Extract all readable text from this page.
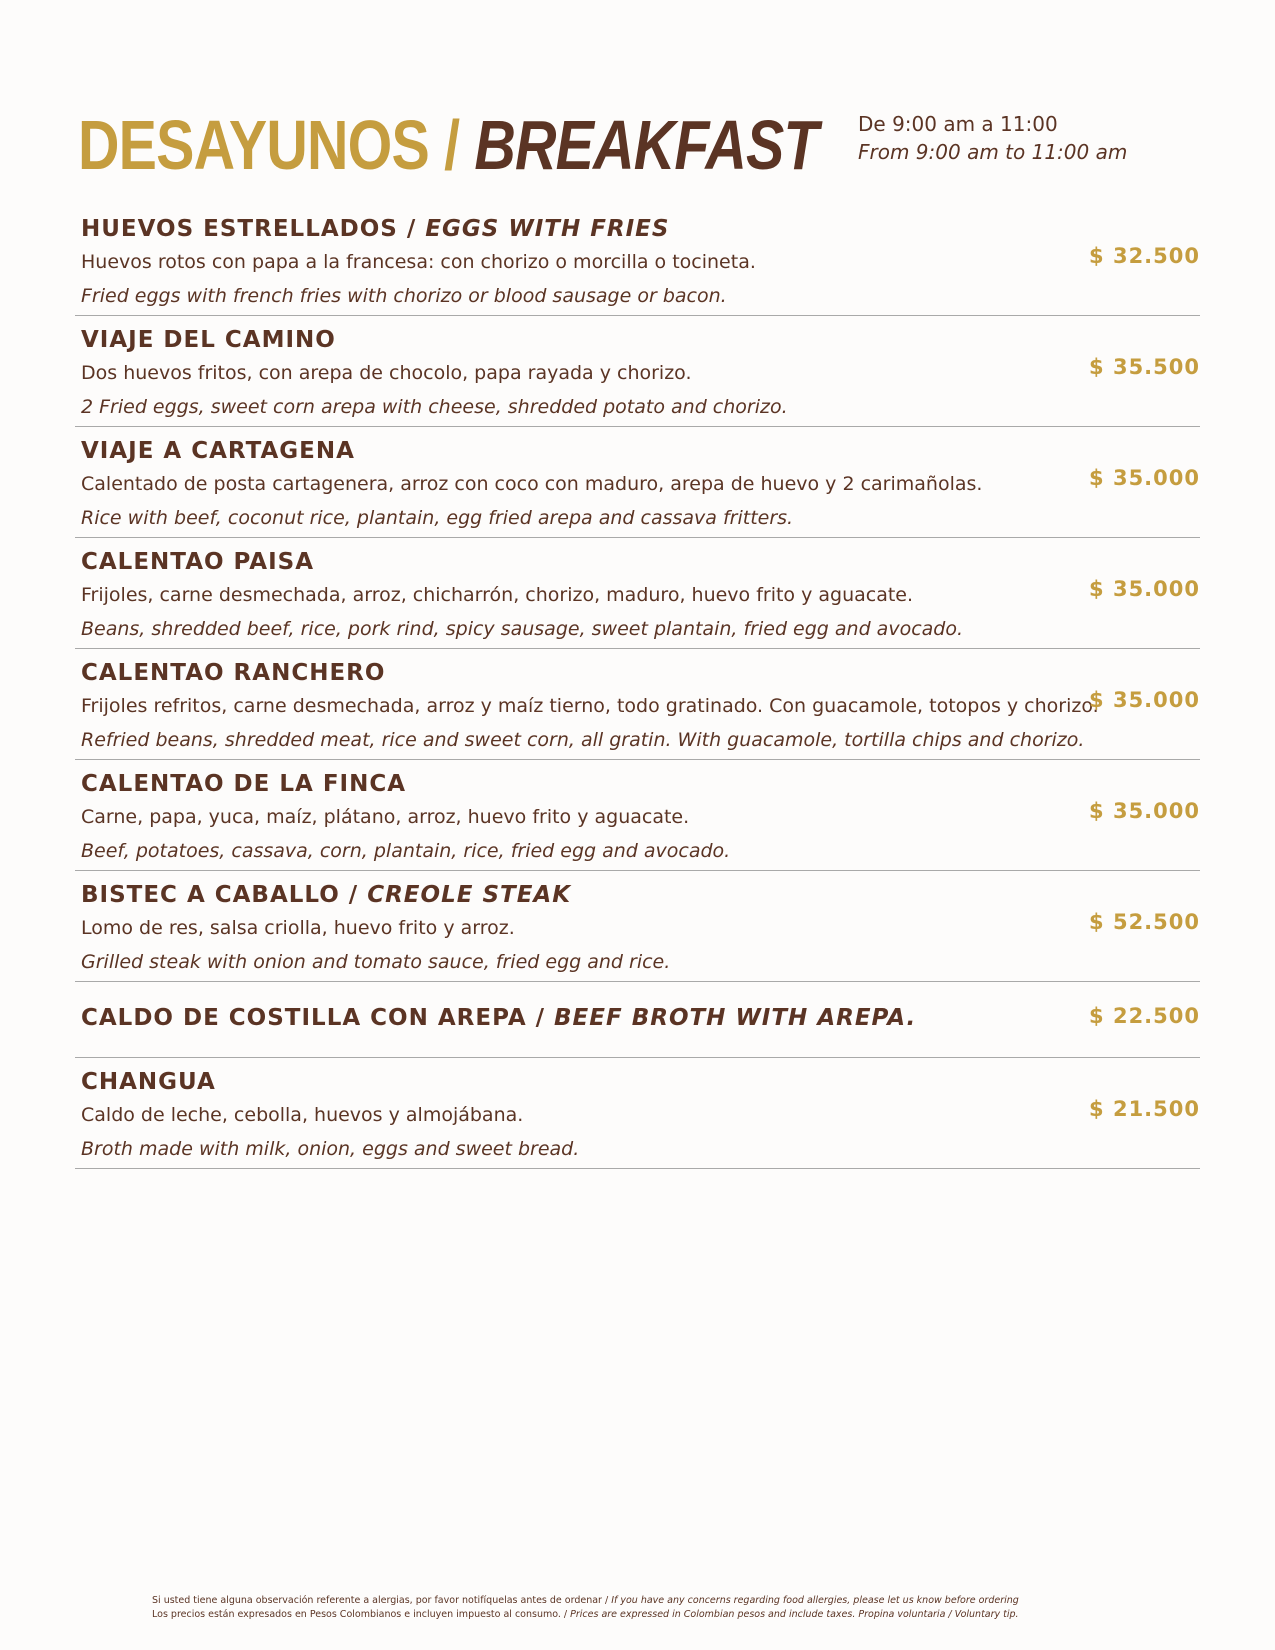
DESAYUNOS / BREAKFAST De 9:00 am a 11:00
From 9:00 am to 11:00 am
HUEVOS ESTRELLADOS / EGGS WITH FRIES
Huevos rotos con papa a la francesa: con chorizo o morcilla o tocineta.
Fried eggs with french fries with chorizo or blood sausage or bacon.
$ 32.500
VIAJE DEL CAMINO
Dos huevos fritos, con arepa de chocolo, papa rayada y chorizo.
2 Fried eggs, sweet corn arepa with cheese, shredded potato and chorizo.
$ 35.500
VIAJE A CARTAGENA
Calentado de posta cartagenera, arroz con coco con maduro, arepa de huevo y 2 carimañolas.
Rice with beef, coconut rice, plantain, egg fried arepa and cassava fritters.
$ 35.000
CALENTAO PAISA
Frijoles, carne desmechada, arroz, chicharrón, chorizo, maduro, huevo frito y aguacate.
Beans, shredded beef, rice, pork rind, spicy sausage, sweet plantain, fried egg and avocado.
$ 35.000
CALENTAO RANCHERO
Frijoles refritos, carne desmechada, arroz y maíz tierno, todo gratinado. Con guacamole, totopos y chorizo.
Refried beans, shredded meat, rice and sweet corn, all gratin. With guacamole, tortilla chips and chorizo.
$ 35.000
CALENTAO DE LA FINCA
Carne, papa, yuca, maíz, plátano, arroz, huevo frito y aguacate.
Beef, potatoes, cassava, corn, plantain, rice, fried egg and avocado.
$ 35.000
BISTEC A CABALLO / CREOLE STEAK
Lomo de res, salsa criolla, huevo frito y arroz.
Grilled steak with onion and tomato sauce, fried egg and rice.
$ 52.500
CALDO DE COSTILLA CON AREPA / BEEF BROTH WITH AREPA.	$ 22.500
CHANGUA
Caldo de leche, cebolla, huevos y almojábana.
Broth made with milk, onion, eggs and sweet bread.
$ 21.500
Si usted tiene alguna observación referente a alergias, por favor notifíquelas antes de ordenar / If you have any concerns regarding food allergies, please let us know before ordering
Los precios están expresados en Pesos Colombianos e incluyen impuesto al consumo. / Prices are expressed in Colombian pesos and include taxes. Propina voluntaria / Voluntary tip.
